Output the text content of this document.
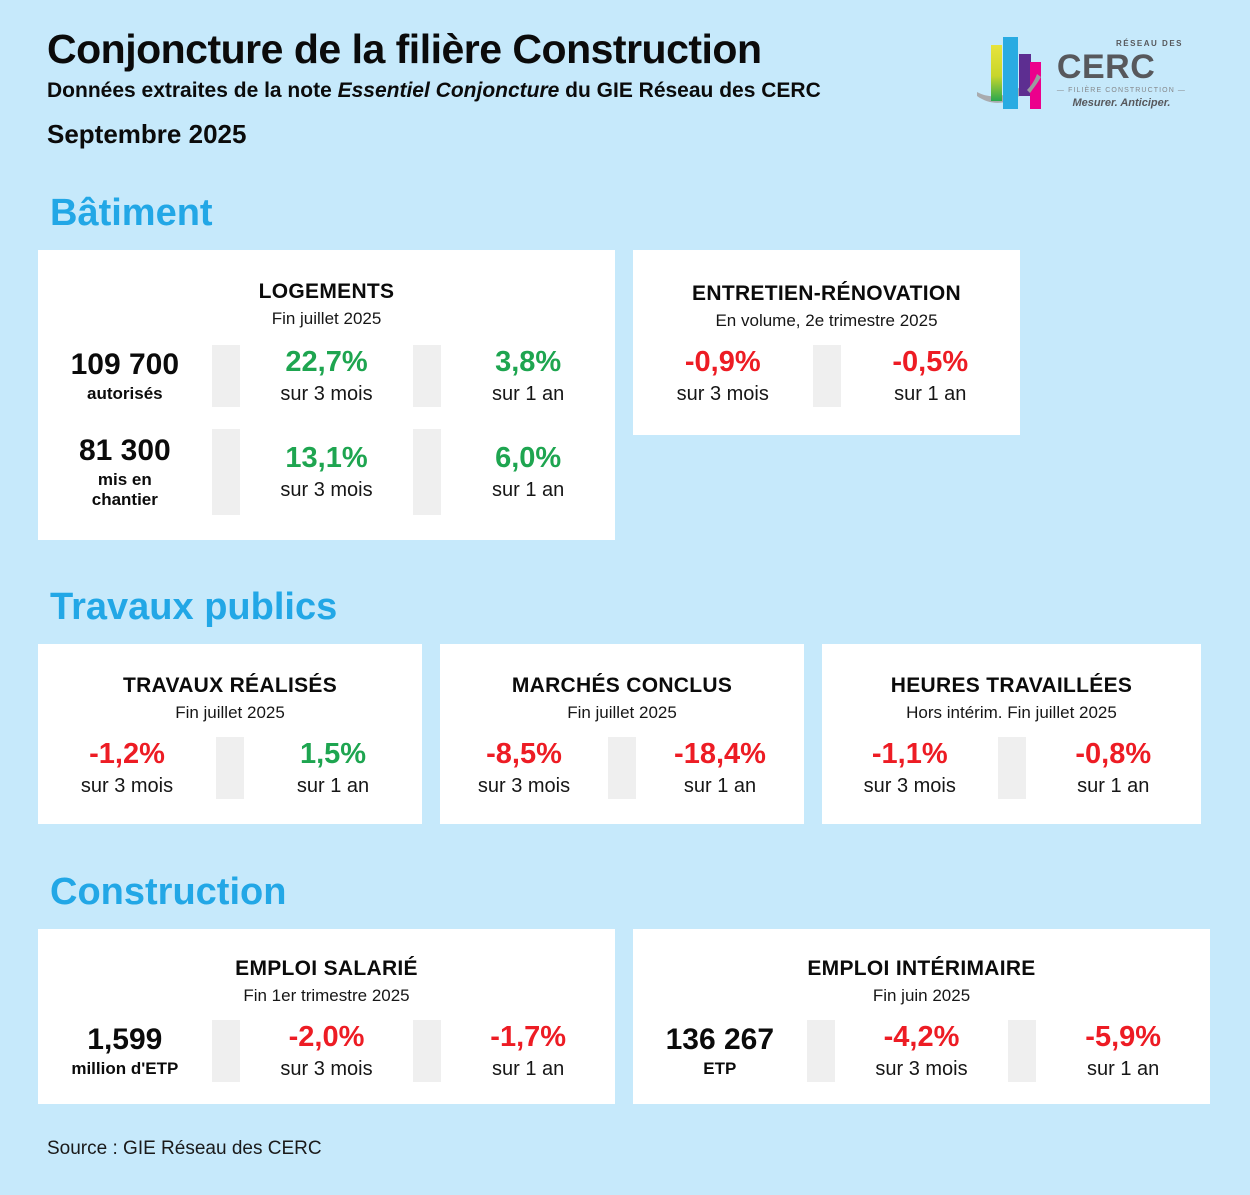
Conjoncture de la filière Construction
Données extraites de la note Essentiel Conjoncture du GIE Réseau des CERC
Septembre 2025
RÉSEAU DES
CERC
— FILIÈRE CONSTRUCTION —
Mesurer. Anticiper.
Bâtiment
LOGEMENTS
Fin juillet 2025
109 700
autorisés
22,7%
sur 3 mois
3,8%
sur 1 an
81 300
mis en chantier
13,1%
sur 3 mois
6,0%
sur 1 an
ENTRETIEN-RÉNOVATION
En volume, 2e trimestre 2025
-0,9%
sur 3 mois
-0,5%
sur 1 an
Travaux publics
TRAVAUX RÉALISÉS
Fin juillet 2025
-1,2%
sur 3 mois
1,5%
sur 1 an
MARCHÉS CONCLUS
Fin juillet 2025
-8,5%
sur 3 mois
-18,4%
sur 1 an
HEURES TRAVAILLÉES
Hors intérim. Fin juillet 2025
-1,1%
sur 3 mois
-0,8%
sur 1 an
Construction
EMPLOI SALARIÉ
Fin 1er trimestre 2025
1,599
million d'ETP
-2,0%
sur 3 mois
-1,7%
sur 1 an
EMPLOI INTÉRIMAIRE
Fin juin 2025
136 267
ETP
-4,2%
sur 3 mois
-5,9%
sur 1 an
Source : GIE Réseau des CERC
